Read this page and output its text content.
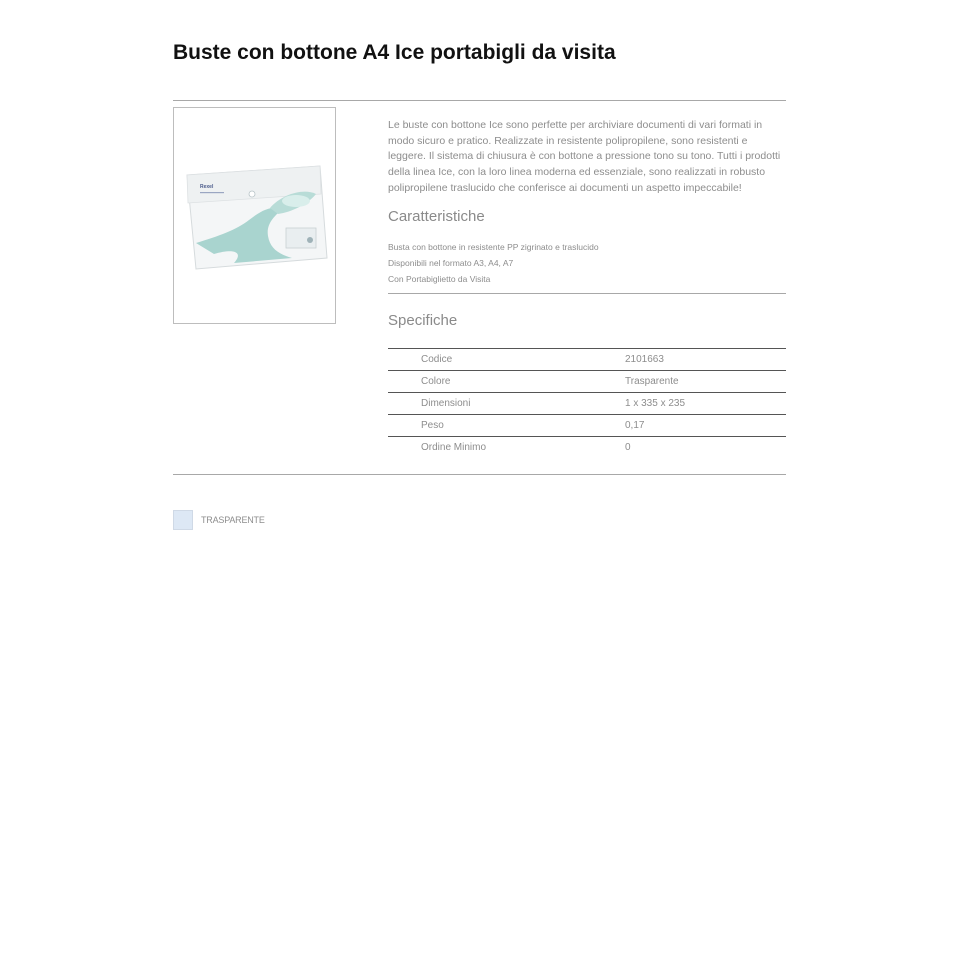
Buste con bottone A4 Ice portabigli da visita
Rexel

Le buste con bottone Ice sono perfette per archiviare documenti di vari formati in modo sicuro e pratico. Realizzate in resistente polipropilene, sono resistenti e leggere. Il sistema di chiusura è con bottone a pressione tono su tono. Tutti i prodotti della linea Ice, con la loro linea moderna ed essenziale, sono realizzati in robusto polipropilene traslucido che conferisce ai documenti un aspetto impeccabile!

Caratteristiche
Busta con bottone in resistente PP zigrinato e traslucido
Disponibili nel formato A3, A4, A7
Con Portabiglietto da Visita
Specifiche
Codice	2101663
Colore	Trasparente
Dimensioni	1 x 335 x 235
Peso	0,17
Ordine Minimo	0
TRASPARENTE
